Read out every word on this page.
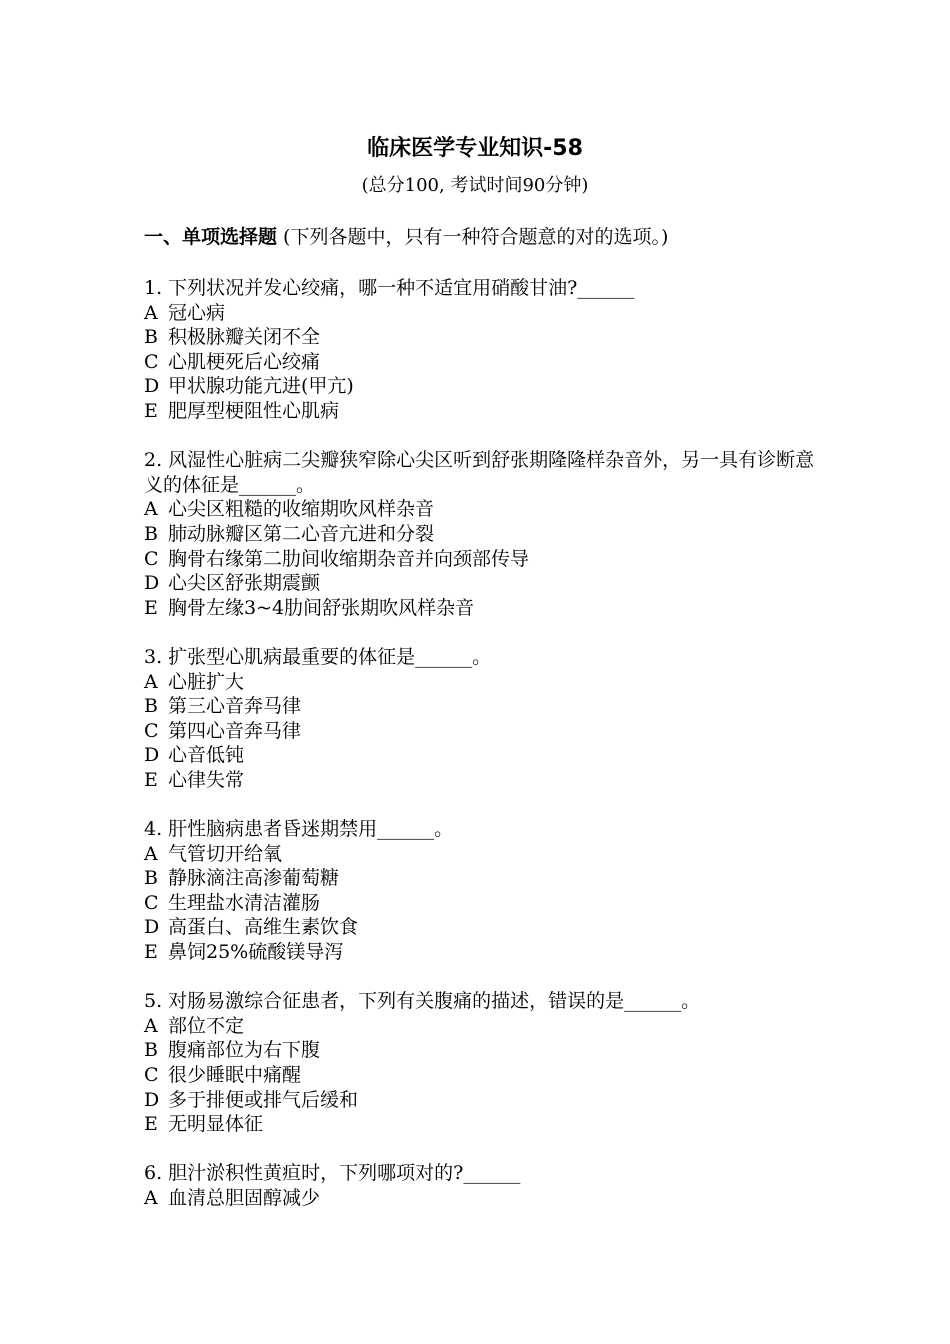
临床医学专业知识-58
(总分100, 考试时间90分钟)
一、单项选择题 (下列各题中，只有一种符合题意的对的选项。)
1. 下列状况并发心绞痛，哪一种不适宜用硝酸甘油?______
A 冠心病
B 积极脉瓣关闭不全
C 心肌梗死后心绞痛
D 甲状腺功能亢进(甲亢)
E 肥厚型梗阻性心肌病
2. 风湿性心脏病二尖瓣狭窄除心尖区听到舒张期隆隆样杂音外，另一具有诊断意义的体征是______。
A 心尖区粗糙的收缩期吹风样杂音
B 肺动脉瓣区第二心音亢进和分裂
C 胸骨右缘第二肋间收缩期杂音并向颈部传导
D 心尖区舒张期震颤
E 胸骨左缘3~4肋间舒张期吹风样杂音
3. 扩张型心肌病最重要的体征是______。
A 心脏扩大
B 第三心音奔马律
C 第四心音奔马律
D 心音低钝
E 心律失常
4. 肝性脑病患者昏迷期禁用______。
A 气管切开给氧
B 静脉滴注高渗葡萄糖
C 生理盐水清洁灌肠
D 高蛋白、高维生素饮食
E 鼻饲25%硫酸镁导泻
5. 对肠易激综合征患者，下列有关腹痛的描述，错误的是______。
A 部位不定
B 腹痛部位为右下腹
C 很少睡眠中痛醒
D 多于排便或排气后缓和
E 无明显体征
6. 胆汁淤积性黄疸时，下列哪项对的?______
A 血清总胆固醇减少
